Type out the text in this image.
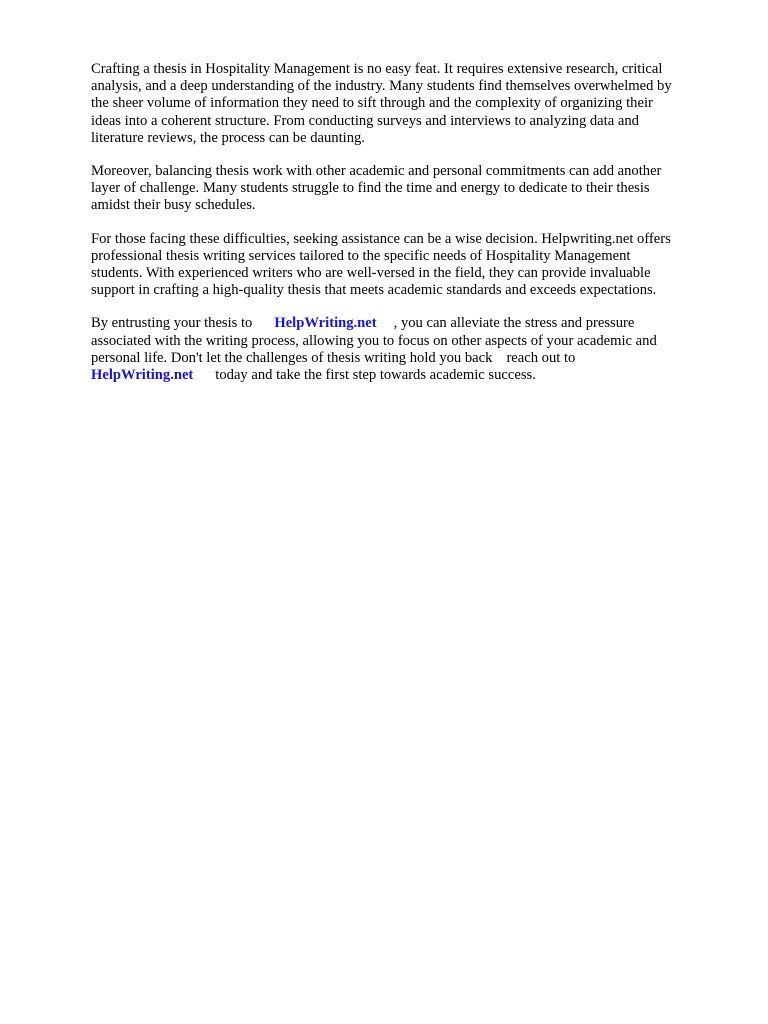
Crafting a thesis in Hospitality Management is no easy feat. It requires extensive research, critical
analysis, and a deep understanding of the industry. Many students find themselves overwhelmed by
the sheer volume of information they need to sift through and the complexity of organizing their
ideas into a coherent structure. From conducting surveys and interviews to analyzing data and
literature reviews, the process can be daunting.

Moreover, balancing thesis work with other academic and personal commitments can add another
layer of challenge. Many students struggle to find the time and energy to dedicate to their thesis
amidst their busy schedules.

For those facing these difficulties, seeking assistance can be a wise decision. Helpwriting.net offers
professional thesis writing services tailored to the specific needs of Hospitality Management
students. With experienced writers who are well-versed in the field, they can provide invaluable
support in crafting a high-quality thesis that meets academic standards and exceeds expectations.

By entrusting your thesis to HelpWriting.net , you can alleviate the stress and pressure
associated with the writing process, allowing you to focus on other aspects of your academic and
personal life. Don't let the challenges of thesis writing hold you back reach out to
HelpWriting.net today and take the first step towards academic success.
